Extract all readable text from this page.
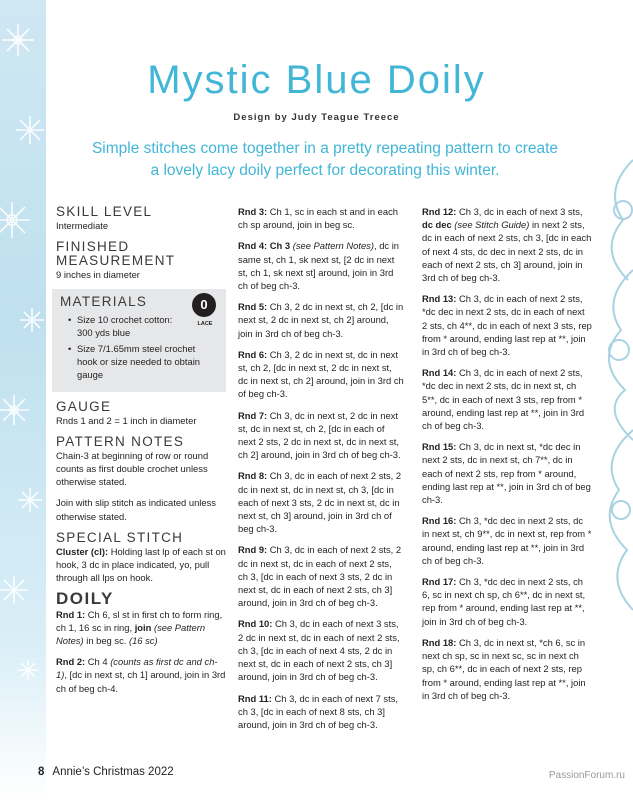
Mystic Blue Doily
Design by Judy Teague Treece
Simple stitches come together in a pretty repeating pattern to create a lovely lacy doily perfect for decorating this winter.
SKILL LEVEL
Intermediate
FINISHED MEASUREMENT
9 inches in diameter
MATERIALS	0
LACE
• Size 10 crochet cotton: 300 yds blue
• Size 7/1.65mm steel crochet hook or size needed to obtain gauge
GAUGE
Rnds 1 and 2 = 1 inch in diameter
PATTERN NOTES
Chain-3 at beginning of row or round counts as first double crochet unless otherwise stated.
Join with slip stitch as indicated unless otherwise stated.
SPECIAL STITCH
Cluster (cl): Holding last lp of each st on hook, 3 dc in place indicated, yo, pull through all lps on hook.
DOILY
Rnd 1: Ch 6, sl st in first ch to form ring, ch 1, 16 sc in ring, join (see Pattern Notes) in beg sc. (16 sc)
Rnd 2: Ch 4 (counts as first dc and ch-1), [dc in next st, ch 1] around, join in 3rd ch of beg ch-4.
Rnd 3: Ch 1, sc in each st and in each ch sp around, join in beg sc.
Rnd 4: Ch 3 (see Pattern Notes), dc in same st, ch 1, sk next st, [2 dc in next st, ch 1, sk next st] around, join in 3rd ch of beg ch-3.
Rnd 5: Ch 3, 2 dc in next st, ch 2, [dc in next st, 2 dc in next st, ch 2] around, join in 3rd ch of beg ch-3.
Rnd 6: Ch 3, 2 dc in next st, dc in next st, ch 2, [dc in next st, 2 dc in next st, dc in next st, ch 2] around, join in 3rd ch of beg ch-3.
Rnd 7: Ch 3, dc in next st, 2 dc in next st, dc in next st, ch 2, [dc in each of next 2 sts, 2 dc in next st, dc in next st, ch 2] around, join in 3rd ch of beg ch-3.
Rnd 8: Ch 3, dc in each of next 2 sts, 2 dc in next st, dc in next st, ch 3, [dc in each of next 3 sts, 2 dc in next st, dc in next st, ch 3] around, join in 3rd ch of beg ch-3.
Rnd 9: Ch 3, dc in each of next 2 sts, 2 dc in next st, dc in each of next 2 sts, ch 3, [dc in each of next 3 sts, 2 dc in next st, dc in each of next 2 sts, ch 3] around, join in 3rd ch of beg ch-3.
Rnd 10: Ch 3, dc in each of next 3 sts, 2 dc in next st, dc in each of next 2 sts, ch 3, [dc in each of next 4 sts, 2 dc in next st, dc in each of next 2 sts, ch 3] around, join in 3rd ch of beg ch-3.
Rnd 11: Ch 3, dc in each of next 7 sts, ch 3, [dc in each of next 8 sts, ch 3] around, join in 3rd ch of beg ch-3.
Rnd 12: Ch 3, dc in each of next 3 sts, dc dec (see Stitch Guide) in next 2 sts, dc in each of next 2 sts, ch 3, [dc in each of next 4 sts, dc dec in next 2 sts, dc in each of next 2 sts, ch 3] around, join in 3rd ch of beg ch-3.
Rnd 13: Ch 3, dc in each of next 2 sts, *dc dec in next 2 sts, dc in each of next 2 sts, ch 4**, dc in each of next 3 sts, rep from * around, ending last rep at **, join in 3rd ch of beg ch-3.
Rnd 14: Ch 3, dc in each of next 2 sts, *dc dec in next 2 sts, dc in next st, ch 5**, dc in each of next 3 sts, rep from * around, ending last rep at **, join in 3rd ch of beg ch-3.
Rnd 15: Ch 3, dc in next st, *dc dec in next 2 sts, dc in next st, ch 7**, dc in each of next 2 sts, rep from * around, ending last rep at **, join in 3rd ch of beg ch-3.
Rnd 16: Ch 3, *dc dec in next 2 sts, dc in next st, ch 9**, dc in next st, rep from * around, ending last rep at **, join in 3rd ch of beg ch-3.
Rnd 17: Ch 3, *dc dec in next 2 sts, ch 6, sc in next ch sp, ch 6**, dc in next st, rep from * around, ending last rep at **, join in 3rd ch of beg ch-3.
Rnd 18: Ch 3, dc in next st, *ch 6, sc in next ch sp, sc in next sc, sc in next ch sp, ch 6**, dc in each of next 2 sts, rep from * around, ending last rep at **, join in 3rd ch of beg ch-3.
8 Annie’s Christmas 2022	PassionForum.ru
